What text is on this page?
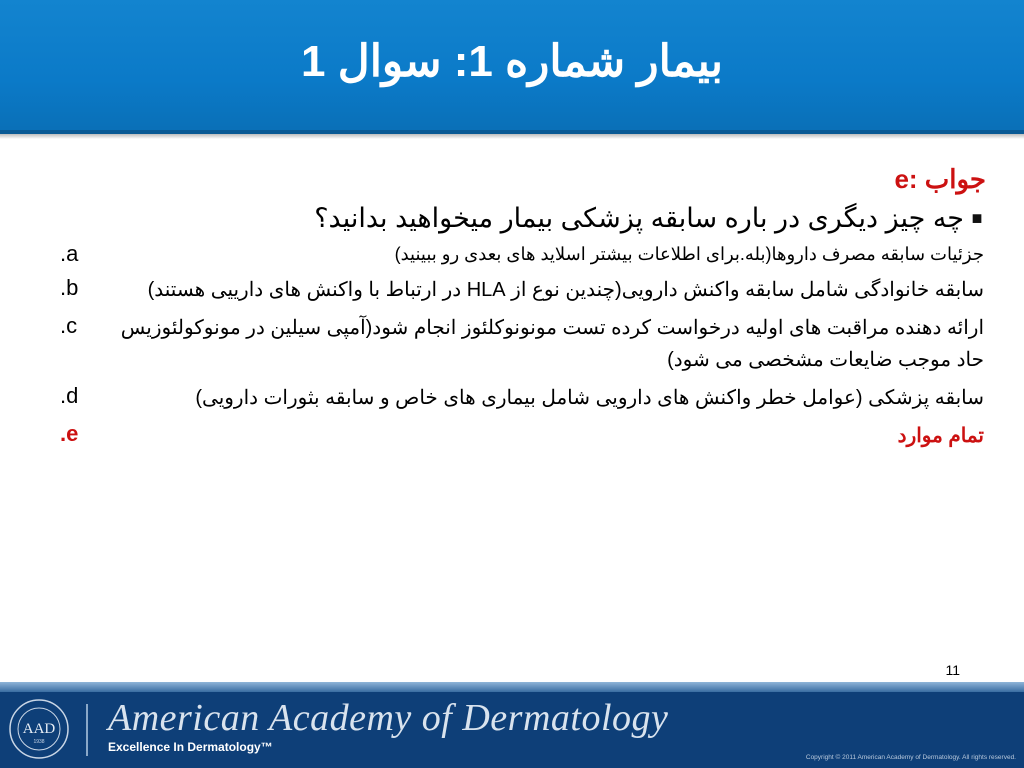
بیمار شماره 1: سوال 1
جواب :e
■
چه چیز دیگری در باره سابقه پزشکی بیمار میخواهید بدانید؟
جزئیات سابقه مصرف داروها(بله.برای اطلاعات بیشتر اسلاید های بعدی رو ببینید)
a.
سابقه خانوادگی شامل سابقه واکنش دارویی(چندین نوع از HLA در ارتباط با واکنش های دارییی هستند)
b.
ارائه دهنده مراقبت های اولیه درخواست کرده تست مونونوکلئوز انجام شود(آمپی سیلین در مونوکولئوزیس حاد موجب ضایعات مشخصی می شود)
c.
سابقه پزشکی (عوامل خطر واکنش های دارویی شامل بیماری های خاص و سابقه بثورات دارویی)
d.
تمام موارد
e.
11
AAD
1938
American Academy of Dermatology
Excellence In Dermatology™
Copyright © 2011 American Academy of Dermatology. All rights reserved.
